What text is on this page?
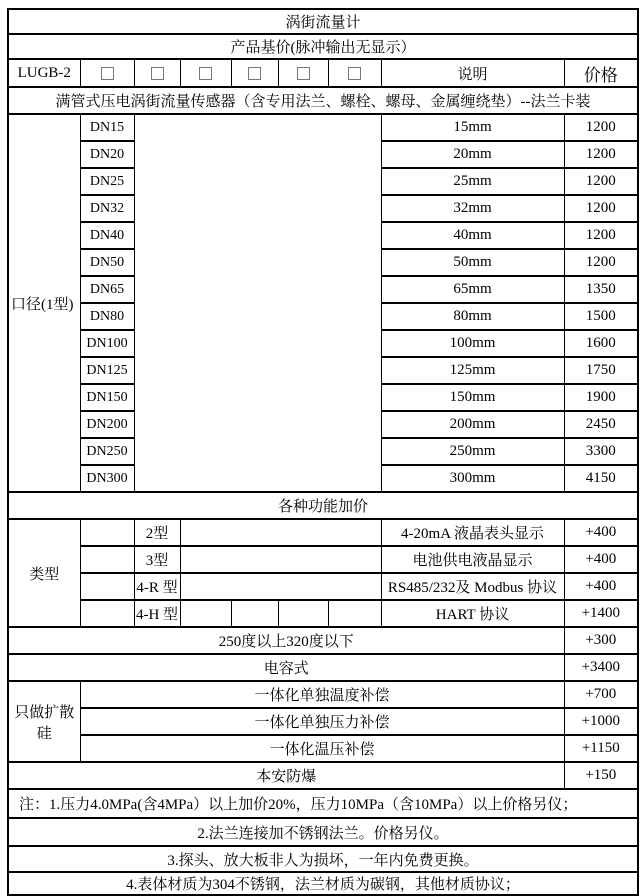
涡街流量计								
产品基价(脉冲输出无显示）								
LUGB-2							说明	价格
满管式压电涡街流量传感器（含专用法兰、螺栓、螺母、金属缠绕垫）--法兰卡装								
口径(1型)	DN15						15mm	1200
	DN20						20mm	1200
	DN25						25mm	1200
	DN32						32mm	1200
	DN40						40mm	1200
	DN50						50mm	1200
	DN65						65mm	1350
	DN80						80mm	1500
	DN100						100mm	1600
	DN125						125mm	1750
	DN150						150mm	1900
	DN200						200mm	2450
	DN250						250mm	3300
	DN300						300mm	4150
各种功能加价								
类型		2型					4-20mA 液晶表头显示	+400
		3型					电池供电液晶显示	+400
		4-R 型					RS485/232及 Modbus 协议	+400
		4-H 型					HART 协议	+1400
250度以上320度以下								+300
电容式								+3400
只做扩散硅	一体化单独温度补偿							+700
	一体化单独压力补偿							+1000
	一体化温压补偿							+1150
本安防爆								+150
注：1.压力4.0MPa(含4MPa）以上加价20%，压力10MPa（含10MPa）以上价格另仪；								
2.法兰连接加不锈钢法兰。价格另仪。								
3.探头、放大板非人为损坏，一年内免费更换。								
4.表体材质为304不锈钢，法兰材质为碳钢，其他材质协议；								
